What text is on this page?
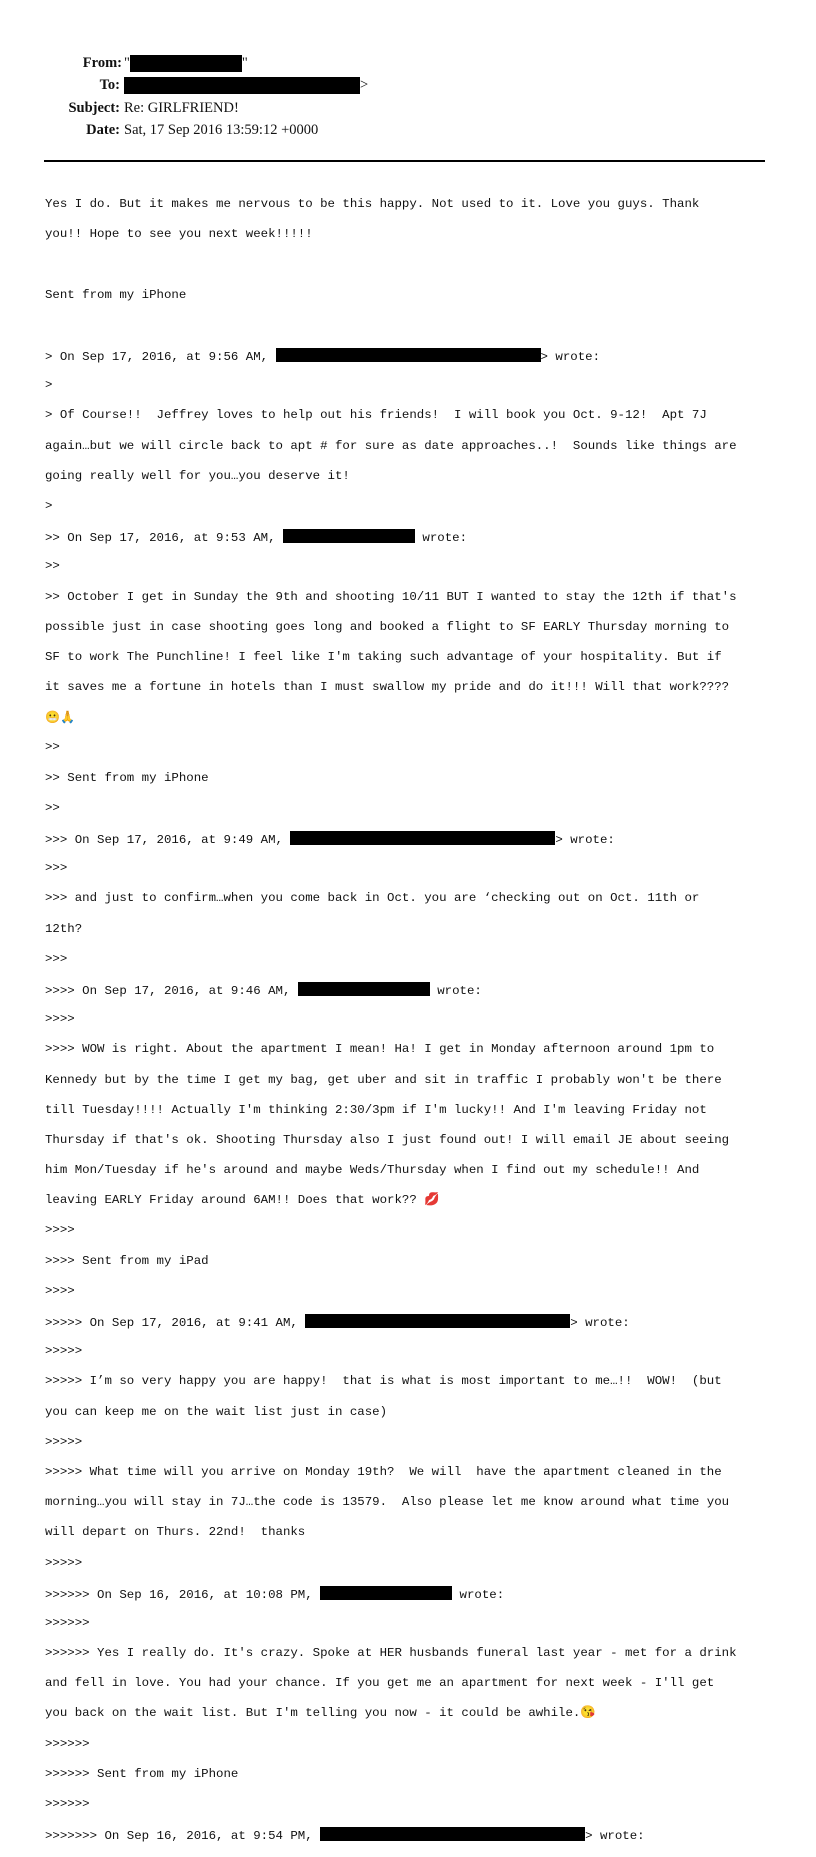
From: "	"
To:	>
Subject: Re: GIRLFRIEND!
Date: Sat, 17 Sep 2016 13:59:12 +0000

Yes I do. But it makes me nervous to be this happy. Not used to it. Love you guys. Thank

you!! Hope to see you next week!!!!!

Sent from my iPhone

> On Sep 17, 2016, at 9:56 AM,	> wrote:

>

> Of Course!!  Jeffrey loves to help out his friends!  I will book you Oct. 9-12!  Apt 7J

again…but we will circle back to apt # for sure as date approaches..!  Sounds like things are

going really well for you…you deserve it!

>

>> On Sep 17, 2016, at 9:53 AM,	wrote:

>>

>> October I get in Sunday the 9th and shooting 10/11 BUT I wanted to stay the 12th if that's

possible just in case shooting goes long and booked a flight to SF EARLY Thursday morning to

SF to work The Punchline! I feel like I'm taking such advantage of your hospitality. But if

it saves me a fortune in hotels than I must swallow my pride and do it!!! Will that work????

😬🙏

>>

>> Sent from my iPhone

>>

>>> On Sep 17, 2016, at 9:49 AM,	> wrote:

>>>

>>> and just to confirm…when you come back in Oct. you are ‘checking out on Oct. 11th or

12th?

>>>

>>>> On Sep 17, 2016, at 9:46 AM,	wrote:

>>>>

>>>> WOW is right. About the apartment I mean! Ha! I get in Monday afternoon around 1pm to

Kennedy but by the time I get my bag, get uber and sit in traffic I probably won't be there

till Tuesday!!!! Actually I'm thinking 2:30/3pm if I'm lucky!! And I'm leaving Friday not

Thursday if that's ok. Shooting Thursday also I just found out! I will email JE about seeing

him Mon/Tuesday if he's around and maybe Weds/Thursday when I find out my schedule!! And

leaving EARLY Friday around 6AM!! Does that work?? 💋

>>>>

>>>> Sent from my iPad

>>>>

>>>>> On Sep 17, 2016, at 9:41 AM,	> wrote:

>>>>>

>>>>> I’m so very happy you are happy!  that is what is most important to me…!!  WOW!  (but

you can keep me on the wait list just in case)

>>>>>

>>>>> What time will you arrive on Monday 19th?  We will  have the apartment cleaned in the

morning…you will stay in 7J…the code is 13579.  Also please let me know around what time you

will depart on Thurs. 22nd!  thanks

>>>>>

>>>>>> On Sep 16, 2016, at 10:08 PM,	wrote:

>>>>>>

>>>>>> Yes I really do. It's crazy. Spoke at HER husbands funeral last year - met for a drink

and fell in love. You had your chance. If you get me an apartment for next week - I'll get

you back on the wait list. But I'm telling you now - it could be awhile.😘

>>>>>>

>>>>>> Sent from my iPhone

>>>>>>

>>>>>>> On Sep 16, 2016, at 9:54 PM,	> wrote:
